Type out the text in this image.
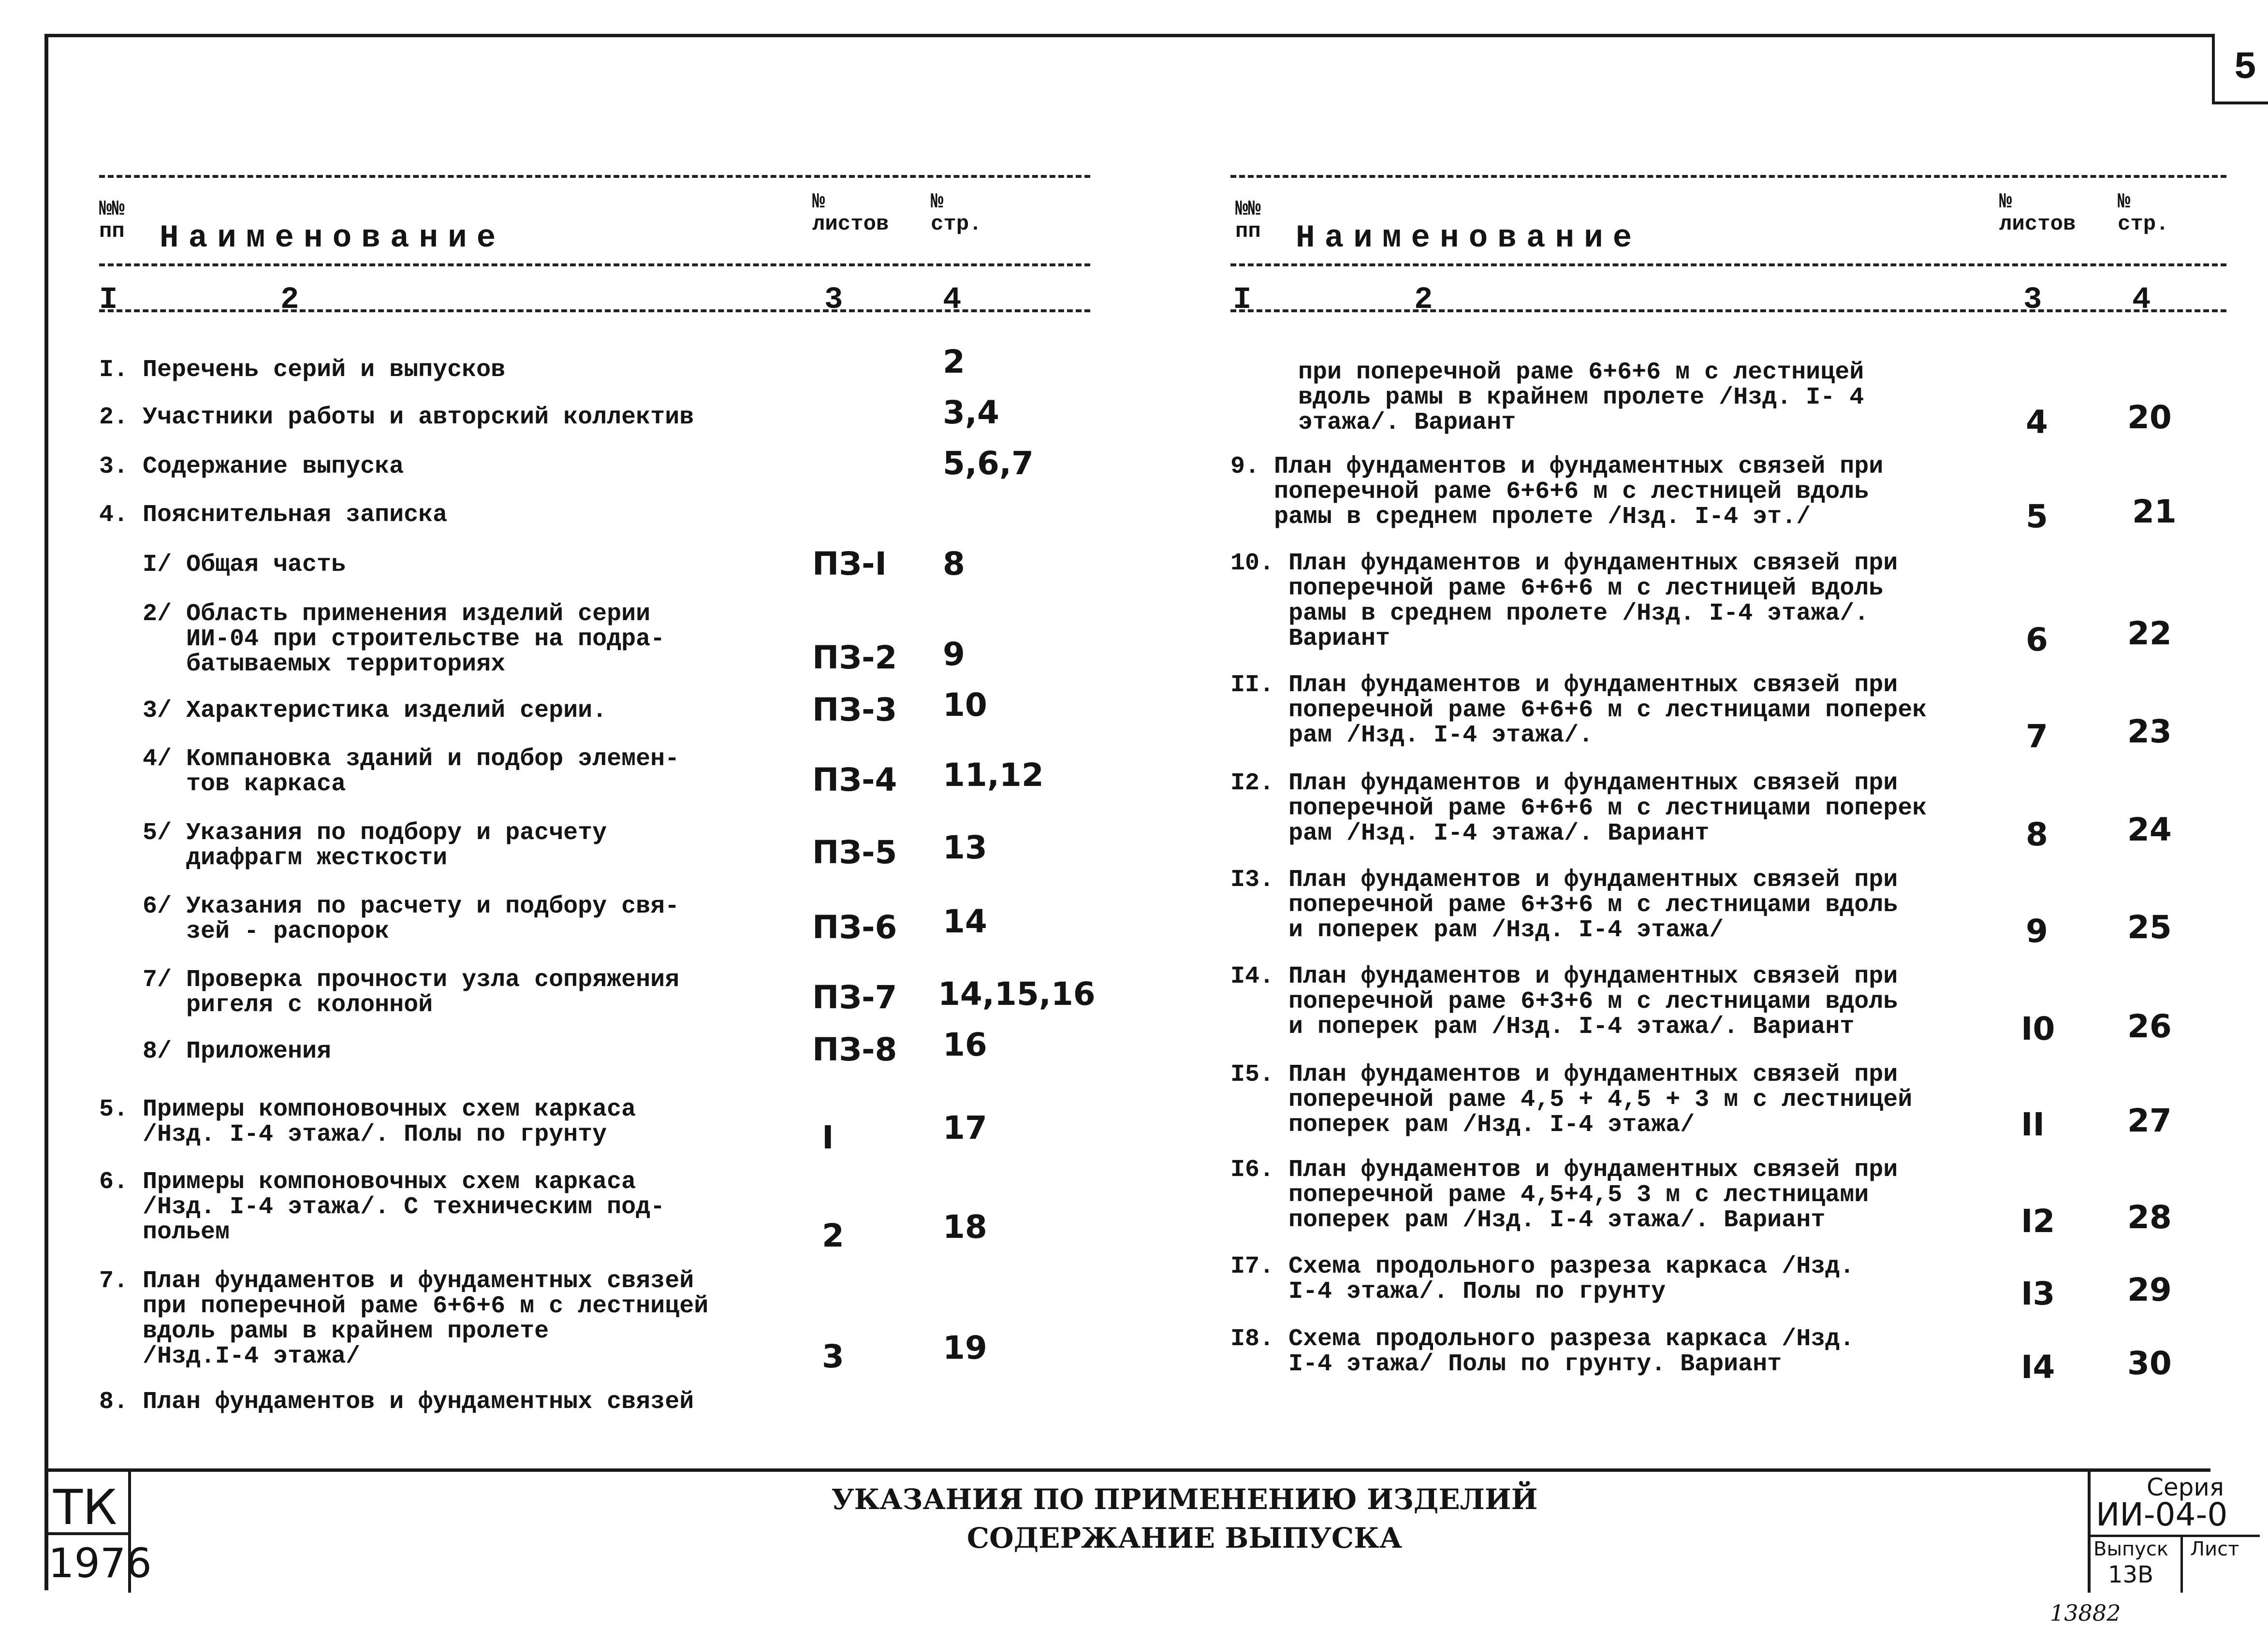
5
№№ пп	Наименование
№ листов
№ стр.
I	2	3	4
№№ пп	Наименование
№ листов
№ стр.
I	2	3	4
I. Перечень серий и выпусков	2
2. Участники работы и авторский коллектив	3,4
3. Содержание выпуска	5,6,7
4. Пояснительная записка
I/ Общая часть	ПЗ-I 8
2/ Область применения изделий серии
ИИ-04 при строительстве на подра-
батываемых территориях	ПЗ-2 9
3/ Характеристика изделий серии.	ПЗ-3 10
4/ Компановка зданий и подбор элемен-
тов каркаса	ПЗ-4 11,12
5/ Указания по подбору и расчету
диафрагм жесткости	ПЗ-5 13
6/ Указания по расчету и подбору свя-
зей - распорок	ПЗ-6 14
7/ Проверка прочности узла сопряжения
ригеля с колонной	ПЗ-7 14,15,16
8/ Приложения	ПЗ-8 16
5. Примеры компоновочных схем каркаса
/Нзд. I-4 этажа/. Полы по грунту	I	17
6. Примеры компоновочных схем каркаса
/Нзд. I-4 этажа/. С техническим под-
польем	2	18
7. План фундаментов и фундаментных связей
при поперечной раме 6+6+6 м с лестницей
вдоль рамы в крайнем пролете
/Нзд.I-4 этажа/	3	19
8. План фундаментов и фундаментных связей
при поперечной раме 6+6+6 м с лестницей
вдоль рамы в крайнем пролете /Нзд. I- 4
этажа/. Вариант	4 20
9. План фундаментов и фундаментных связей при
поперечной раме 6+6+6 м с лестницей вдоль
рамы в среднем пролете /Нзд. I-4 эт./	5	21
10. План фундаментов и фундаментных связей при
поперечной раме 6+6+6 м с лестницей вдоль
рамы в среднем пролете /Нзд. I-4 этажа/.
Вариант	6 22
II. План фундаментов и фундаментных связей при
поперечной раме 6+6+6 м с лестницами поперек
рам /Нзд. I-4 этажа/.	7 23
I2. План фундаментов и фундаментных связей при
поперечной раме 6+6+6 м с лестницами поперек
рам /Нзд. I-4 этажа/. Вариант	8 24
I3. План фундаментов и фундаментных связей при
поперечной раме 6+3+6 м с лестницами вдоль
и поперек рам /Нзд. I-4 этажа/	9 25
I4. План фундаментов и фундаментных связей при
поперечной раме 6+3+6 м с лестницами вдоль
и поперек рам /Нзд. I-4 этажа/. Вариант	I0 26
I5. План фундаментов и фундаментных связей при
поперечной раме 4,5 + 4,5 + 3 м с лестницей
поперек рам /Нзд. I-4 этажа/	II	27
I6. План фундаментов и фундаментных связей при
поперечной раме 4,5+4,5 3 м с лестницами
поперек рам /Нзд. I-4 этажа/. Вариант	I2 28
I7. Схема продольного разреза каркаса /Нзд.
I-4 этажа/. Полы по грунту	I3 29
I8. Схема продольного разреза каркаса /Нзд.
I-4 этажа/ Полы по грунту. Вариант	I4 30
ТК
1976
УКАЗАНИЯ ПО ПРИМЕНЕНИЮ ИЗДЕЛИЙ
СОДЕРЖАНИЕ ВЫПУСКА
Серия
ИИ-04-0
Выпуск
13В
Лист
13882
